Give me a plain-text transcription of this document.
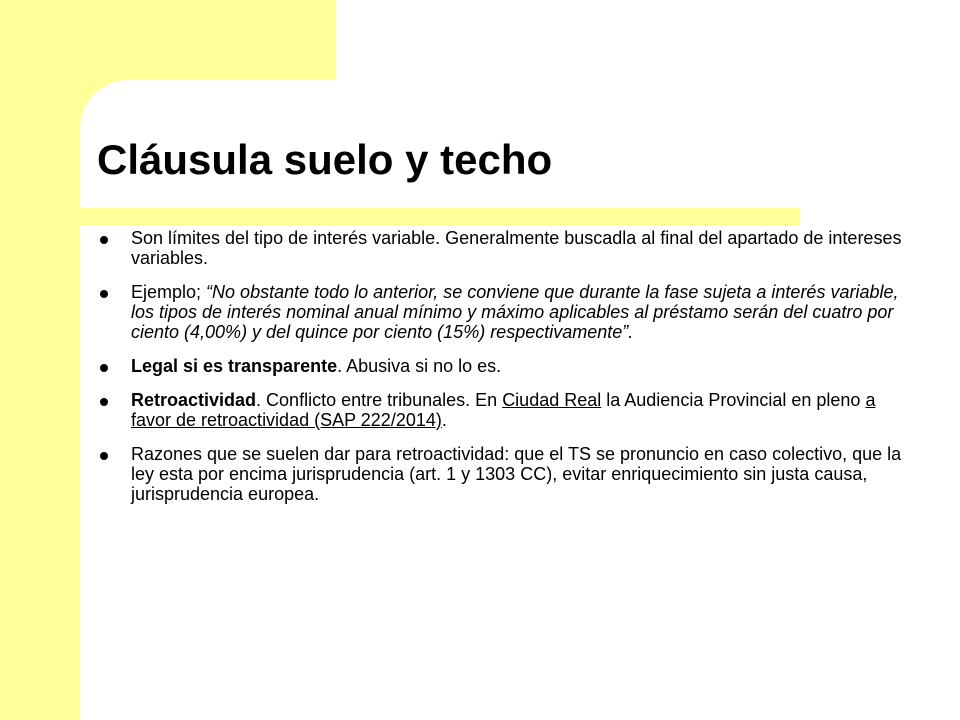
Cláusula suelo y techo
Son límites del tipo de interés variable. Generalmente buscadla al final del apartado de intereses variables.
Ejemplo; “No obstante todo lo anterior, se conviene que durante la fase sujeta a interés variable, los tipos de interés nominal anual mínimo y máximo aplicables al préstamo serán del cuatro por ciento (4,00%) y del quince por ciento (15%) respectivamente”.
Legal si es transparente. Abusiva si no lo es.
Retroactividad. Conflicto entre tribunales. En Ciudad Real la Audiencia Provincial en pleno a favor de retroactividad (SAP 222/2014).
Razones que se suelen dar para retroactividad: que el TS se pronuncio en caso colectivo, que la ley esta por encima jurisprudencia (art. 1 y 1303 CC), evitar enriquecimiento sin justa causa, jurisprudencia europea.
